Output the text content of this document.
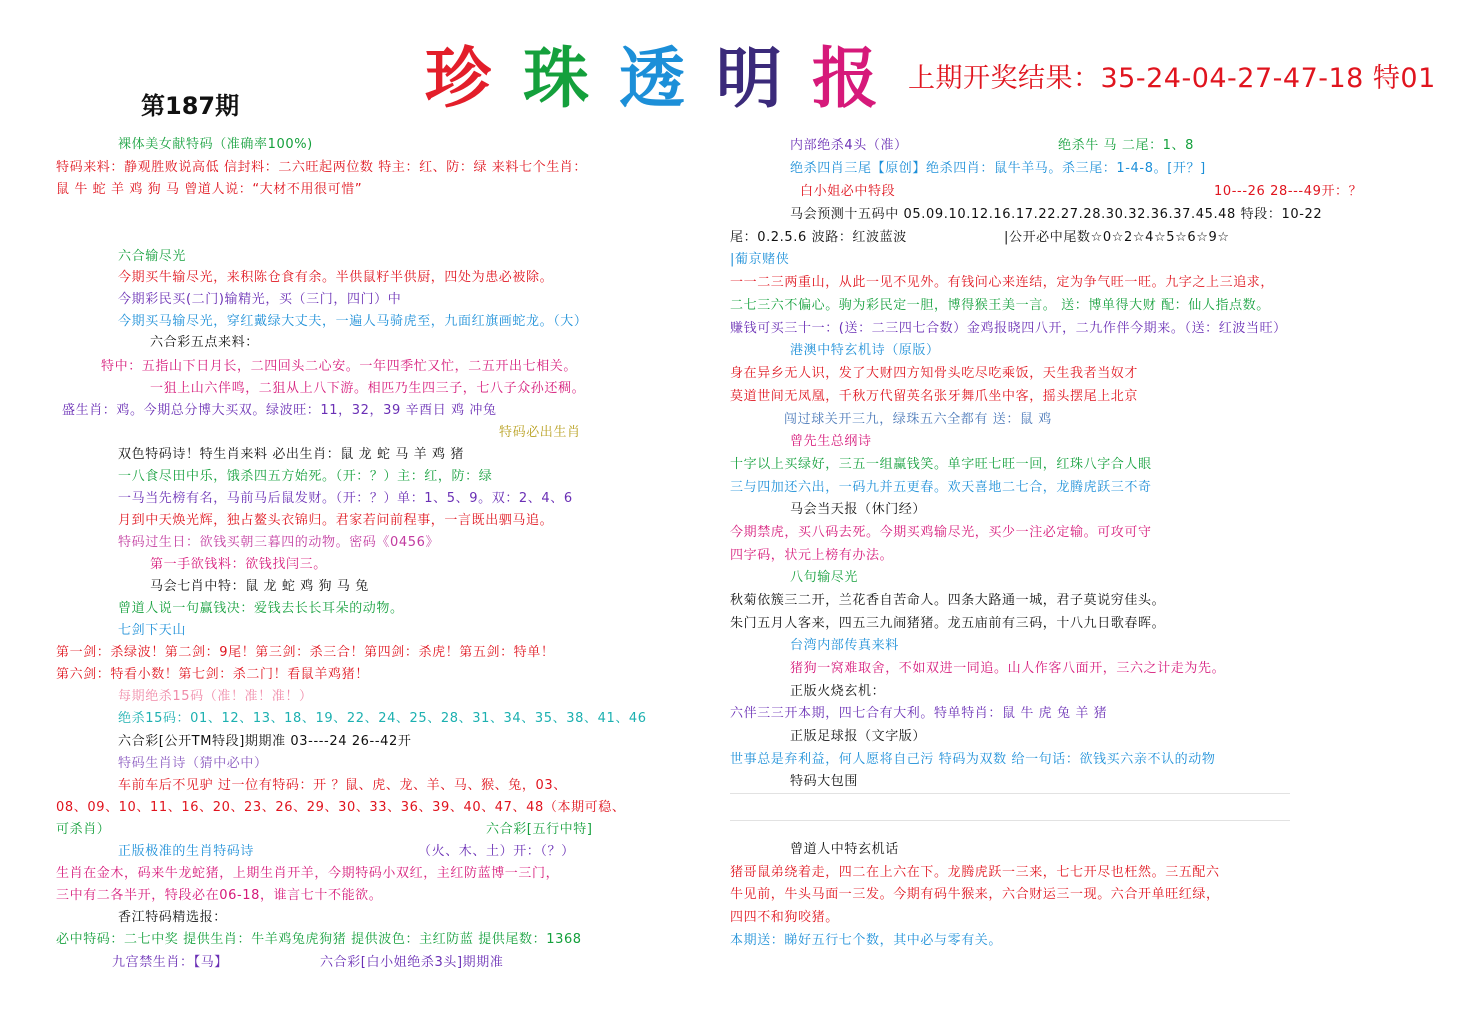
珍 珠 透 明 报 上期开奖结果：35-24-04-27-47-18 特01
第187期
裸体美女献特码（准确率100%)
特码来料：静观胜败说高低 信封料：二六旺起两位数 特主：红、防：绿 来料七个生肖：
鼠 牛 蛇 羊 鸡 狗 马 曾道人说：“大材不用很可惜”
六合输尽光
今期买牛输尽光，来积陈仓食有余。半供鼠籽半供厨，四处为患必被除。
今期彩民买(二门)输精光，买（三门，四门）中
今期买马输尽光，穿红戴绿大丈夫，一遍人马骑虎至，九面红旗画蛇龙。（大）
六合彩五点来料：
特中：五指山下日月长，二四回头二心安。一年四季忙又忙，二五开出七相关。
一狙上山六伴鸣，二狙从上八下游。相匹乃生四三子，七八子众孙还稠。
盛生肖：鸡。今期总分博大买双。绿波旺：11，32，39 辛酉日 鸡 冲兔
特码必出生肖
双色特码诗！特生肖来料 必出生肖：鼠 龙 蛇 马 羊 鸡 猪
一八食尽田中乐，饿杀四五方始死。（开：？）主：红，防：绿
一马当先榜有名，马前马后鼠发财。（开：？）单：1、5、9。双：2、4、6
月到中天焕光辉，独占鳌头衣锦归。君家若问前程事，一言既出驷马追。
特码过生日：欲钱买朝三暮四的动物。密码《0456》
第一手欲钱料：欲钱找闫三。
马会七肖中特：鼠 龙 蛇 鸡 狗 马 兔
曾道人说一句赢钱决：爱钱去长长耳朵的动物。
七剑下天山
第一剑：杀绿波！第二剑：9尾！第三剑：杀三合！第四剑：杀虎！第五剑：特单！
第六剑：特看小数！第七剑：杀二门！看鼠羊鸡猪！
每期绝杀15码（准！准！准！）
绝杀15码：01、12、13、18、19、22、24、25、28、31、34、35、38、41、46
六合彩[公开TM特段]期期准 03----24 26--42开
特码生肖诗（猜中必中）
车前车后不见驴 过一位有特码：开 ？鼠、虎、龙、羊、马、猴、兔，03、
08、09、10、11、16、20、23、26、29、30、33、36、39、40、47、48（本期可稳、
可杀肖）	六合彩[五行中特]
正版极准的生肖特码诗	（火、木、土）开：（？）
生肖在金木，码来牛龙蛇猪，上期生肖开羊，今期特码小双红，主红防蓝博一三门，
三中有二各半开，特段必在06-18，谁言七十不能欲。
香江特码精选报：
必中特码：二七中奖 提供生肖：牛羊鸡兔虎狗猪 提供波色：主红防蓝 提供尾数：1368
九宫禁生肖：【马】	六合彩[白小姐绝杀3头]期期准
内部绝杀4头（准）	绝杀牛 马 二尾：1、8
绝杀四肖三尾【原创】绝杀四肖：鼠牛羊马。杀三尾：1-4-8。[开？]
白小姐必中特段	10---26 28---49开：？
马会预测十五码中 05.09.10.12.16.17.22.27.28.30.32.36.37.45.48 特段：10-22
尾：0.2.5.6 波路：红波蓝波	|公开必中尾数☆0☆2☆4☆5☆6☆9☆
|葡京赌侠
一一二三两重山，从此一见不见外。有钱问心来连结，定为争气旺一旺。九字之上三追求，
二七三六不偏心。驹为彩民定一胆，博得猴王美一言。 送：博单得大财 配：仙人指点数。
赚钱可买三十一：(送：二三四七合数）金鸡报晓四八开，二九作伴今期来。（送：红波当旺）
港澳中特玄机诗（原版）
身在异乡无人识，发了大财四方知骨头吃尽吃乘饭，天生我者当奴才
莫道世间无凤凰，千秋万代留英名张牙舞爪坐中客，摇头摆尾上北京
闯过球关开三九，绿珠五六全都有 送：鼠 鸡
曾先生总纲诗
十字以上买绿好，三五一组赢钱笑。单字旺七旺一回，红珠八字合人眼
三与四加还六出，一码九并五更春。欢天喜地二七合，龙腾虎跃三不奇
马会当天报（休门经）
今期禁虎，买八码去死。今期买鸡输尽光，买少一注必定输。可攻可守
四字码，状元上榜有办法。
八句输尽光
秋菊依簇三二开，兰花香自苦命人。四条大路通一城，君子莫说穷佳头。
朱门五月人客来，四五三九闹猪猪。龙五庙前有三码，十八九日歌春晖。
台湾内部传真来料
猪狗一窝难取舍，不如双进一同追。山人作客八面开，三六之计走为先。
正版火烧玄机：
六伴三三开本期，四七合有大利。特单特肖：鼠 牛 虎 兔 羊 猪
正版足球报（文字版）
世事总是弃利益，何人愿将自己污 特码为双数 给一句话：欲钱买六亲不认的动物
特码大包围
曾道人中特玄机话
猪哥鼠弟绕着走，四二在上六在下。龙腾虎跃一三来，七七开尽也枉然。三五配六
牛见前，牛头马面一三发。今期有码牛猴来，六合财运三一现。六合开单旺红绿，
四四不和狗咬猪。
本期送：睇好五行七个数，其中必与零有关。
